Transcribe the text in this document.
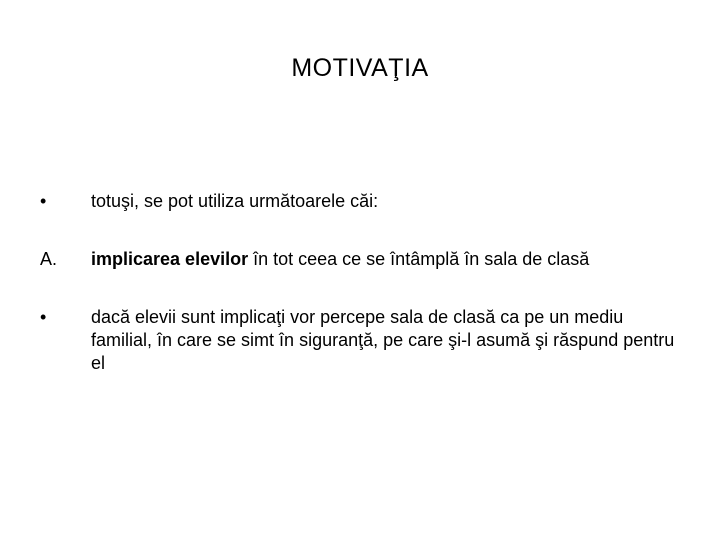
MOTIVAŢIA
•	totuşi, se pot utiliza următoarele căi:
A.	implicarea elevilor în tot ceea ce se întâmplă în sala de clasă
•	dacă elevii sunt implicaţi vor percepe sala de clasă ca pe un mediu familial, în care se simt în siguranţă, pe care şi-l asumă şi răspund pentru el
